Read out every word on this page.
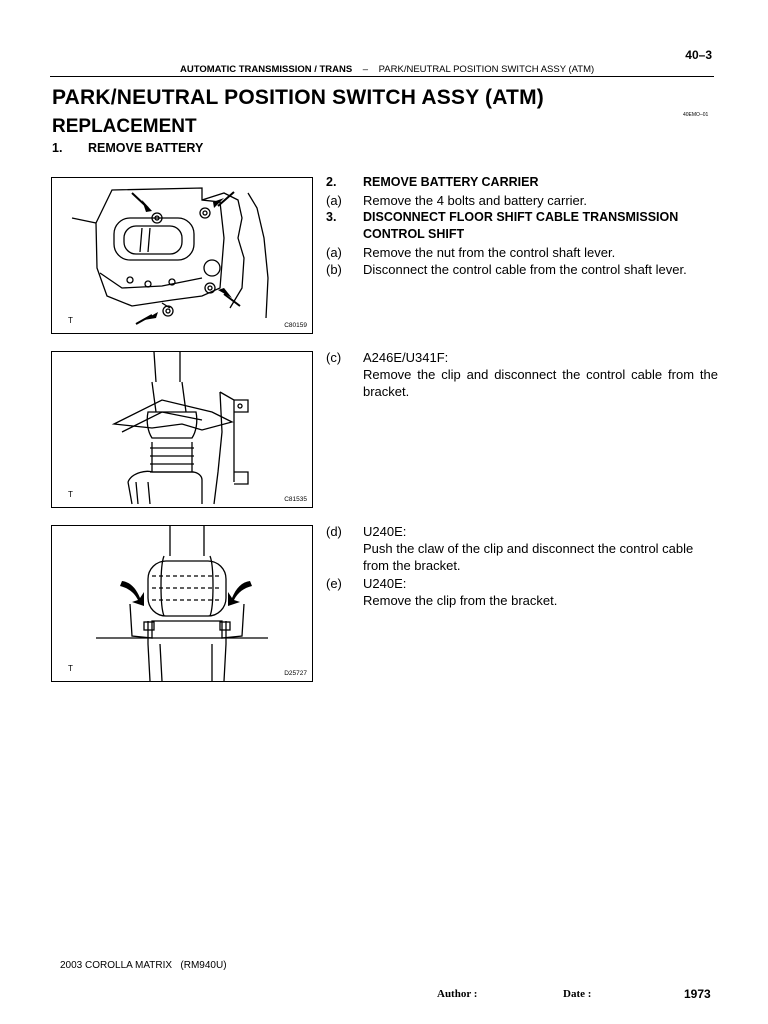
40–3
AUTOMATIC TRANSMISSION / TRANS – PARK/NEUTRAL POSITION SWITCH ASSY (ATM)
PARK/NEUTRAL POSITION SWITCH ASSY (ATM)
REPLACEMENT
40EMO–01
1. REMOVE BATTERY
2. REMOVE BATTERY CARRIER
(a) Remove the 4 bolts and battery carrier.
3. DISCONNECT FLOOR SHIFT CABLE TRANSMISSION CONTROL SHIFT
(a) Remove the nut from the control shaft lever.
(b) Disconnect the control cable from the control shaft lever.
(c) A246E/U341F:
Remove the clip and disconnect the control cable from the bracket.
(d) U240E:
Push the claw of the clip and disconnect the control cable from the bracket.
(e) U240E:
Remove the clip from the bracket.
T
C80159
T
C81535
T
D25727
2003 COROLLA MATRIX   (RM940U)
Author :	Date :	1973
